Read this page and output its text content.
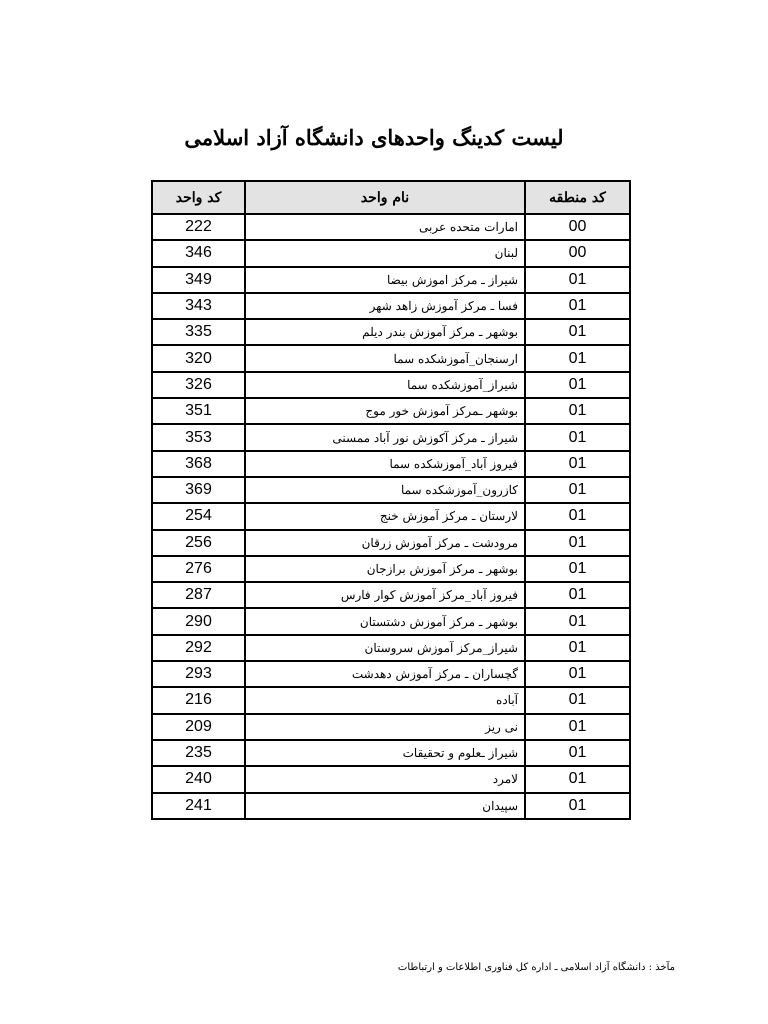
لیست کدینگ واحدهای دانشگاه آزاد اسلامی
کد واحد	نام واحد	کد منطقه
222	امارات متحده عربی	00
346	لبنان	00
349	شیراز ـ مرکز اموزش بیضا	01
343	فسا ـ مرکز آموزش زاهد شهر	01
335	بوشهر ـ مرکز آموزش بندر دیلم	01
320	ارسنجان_آموزشکده سما	01
326	شیراز_آموزشکده سما	01
351	بوشهر ـمرکز آموزش خور موج	01
353	شیراز ـ مرکز آکوزش نور آباد ممسنی	01
368	فیروز آباد_آموزشکده سما	01
369	کازرون_آموزشکده سما	01
254	لارستان ـ مرکز آموزش خنج	01
256	مرودشت ـ مرکز آموزش زرقان	01
276	بوشهر ـ مرکز آموزش برازجان	01
287	فیروز آباد_مرکز آموزش کوار فارس	01
290	بوشهر ـ مرکز آموزش دشتستان	01
292	شیراز_مرکز آموزش سروستان	01
293	گچساران ـ مرکز آموزش دهدشت	01
216	آباده	01
209	نی ریز	01
235	شیراز ـعلوم و تحقیقات	01
240	لامرد	01
241	سپیدان	01
مآخذ : دانشگاه آزاد اسلامی ـ اداره کل فناوری اطلاعات و ارتباطات
